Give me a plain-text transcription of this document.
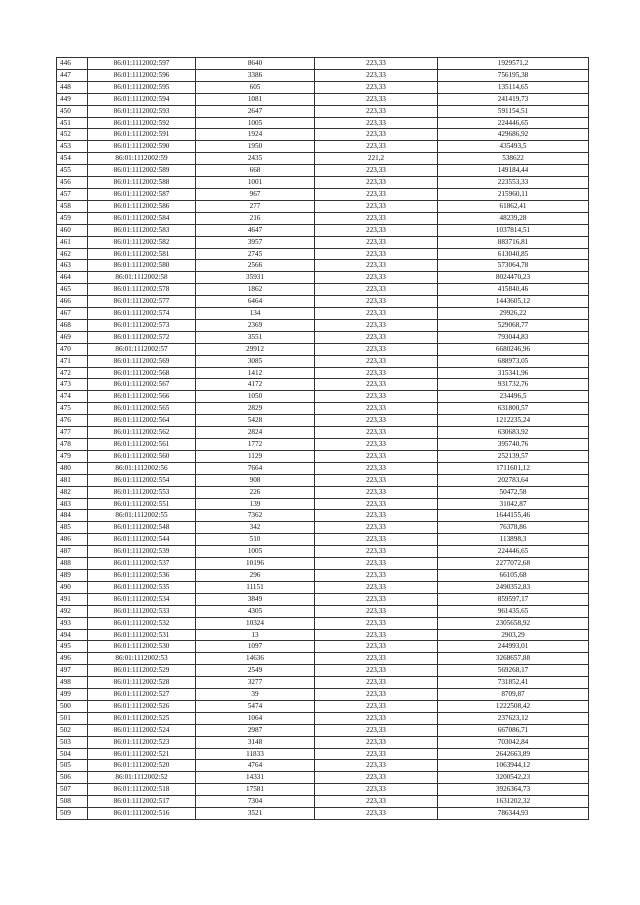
446	86:01:1112002:597	8640	223,33	1929571,2
447	86:01:1112002:596	3386	223,33	756195,38
448	86:01:1112002:595	605	223,33	135114,65
449	86:01:1112002:594	1081	223,33	241419,73
450	86:01:1112002:593	2647	223,33	591154,51
451	86:01:1112002:592	1005	223,33	224446,65
452	86:01:1112002:591	1924	223,33	429686,92
453	86:01:1112002:590	1950	223,33	435493,5
454	86:01:1112002:59	2435	221,2	538622
455	86:01:1112002:589	668	223,33	149184,44
456	86:01:1112002:588	1001	223,33	223553,33
457	86:01:1112002:587	967	223,33	215960,11
458	86:01:1112002:586	277	223,33	61862,41
459	86:01:1112002:584	216	223,33	48239,28
460	86:01:1112002:583	4647	223,33	1037814,51
461	86:01:1112002:582	3957	223,33	883716,81
462	86:01:1112002:581	2745	223,33	613040,85
463	86:01:1112002:580	2566	223,33	573064,78
464	86:01:1112002:58	35931	223,33	8024470,23
465	86:01:1112002:578	1862	223,33	415840,46
466	86:01:1112002:577	6464	223,33	1443605,12
467	86:01:1112002:574	134	223,33	29926,22
468	86:01:1112002:573	2369	223,33	529068,77
469	86:01:1112002:572	3551	223,33	793044,83
470	86:01:1112002:57	29912	223,33	6680246,96
471	86:01:1112002:569	3085	223,33	688973,05
472	86:01:1112002:568	1412	223,33	315341,96
473	86:01:1112002:567	4172	223,33	931732,76
474	86:01:1112002:566	1050	223,33	234496,5
475	86:01:1112002:565	2829	223,33	631800,57
476	86:01:1112002:564	5428	223,33	1212235,24
477	86:01:1112002:562	2824	223,33	630683,92
478	86:01:1112002:561	1772	223,33	395740,76
479	86:01:1112002:560	1129	223,33	252139,57
480	86:01:1112002:56	7664	223,33	1711601,12
481	86:01:1112002:554	908	223,33	202783,64
482	86:01:1112002:553	226	223,33	50472,58
483	86:01:1112002:551	139	223,33	31042,87
484	86:01:1112002:55	7362	223,33	1644155,46
485	86:01:1112002:548	342	223,33	76378,86
486	86:01:1112002:544	510	223,33	113898,3
487	86:01:1112002:539	1005	223,33	224446,65
488	86:01:1112002:537	10196	223,33	2277072,68
489	86:01:1112002:536	296	223,33	66105,68
490	86:01:1112002:535	11151	223,33	2490352,83
491	86:01:1112002:534	3849	223,33	859597,17
492	86:01:1112002:533	4305	223,33	961435,65
493	86:01:1112002:532	10324	223,33	2305658,92
494	86:01:1112002:531	13	223,33	2903,29
495	86:01:1112002:530	1097	223,33	244993,01
496	86:01:1112002:53	14636	223,33	3268657,88
497	86:01:1112002:529	2549	223,33	569268,17
498	86:01:1112002:528	3277	223,33	731852,41
499	86:01:1112002:527	39	223,33	8709,87
500	86:01:1112002:526	5474	223,33	1222508,42
501	86:01:1112002:525	1064	223,33	237623,12
502	86:01:1112002:524	2987	223,33	667086,71
503	86:01:1112002:523	3148	223,33	703042,84
504	86:01:1112002:521	11833	223,33	2642663,89
505	86:01:1112002:520	4764	223,33	1063944,12
506	86:01:1112002:52	14331	223,33	3200542,23
507	86:01:1112002:518	17581	223,33	3926364,73
508	86:01:1112002:517	7304	223,33	1631202,32
509	86:01:1112002:516	3521	223,33	786344,93
